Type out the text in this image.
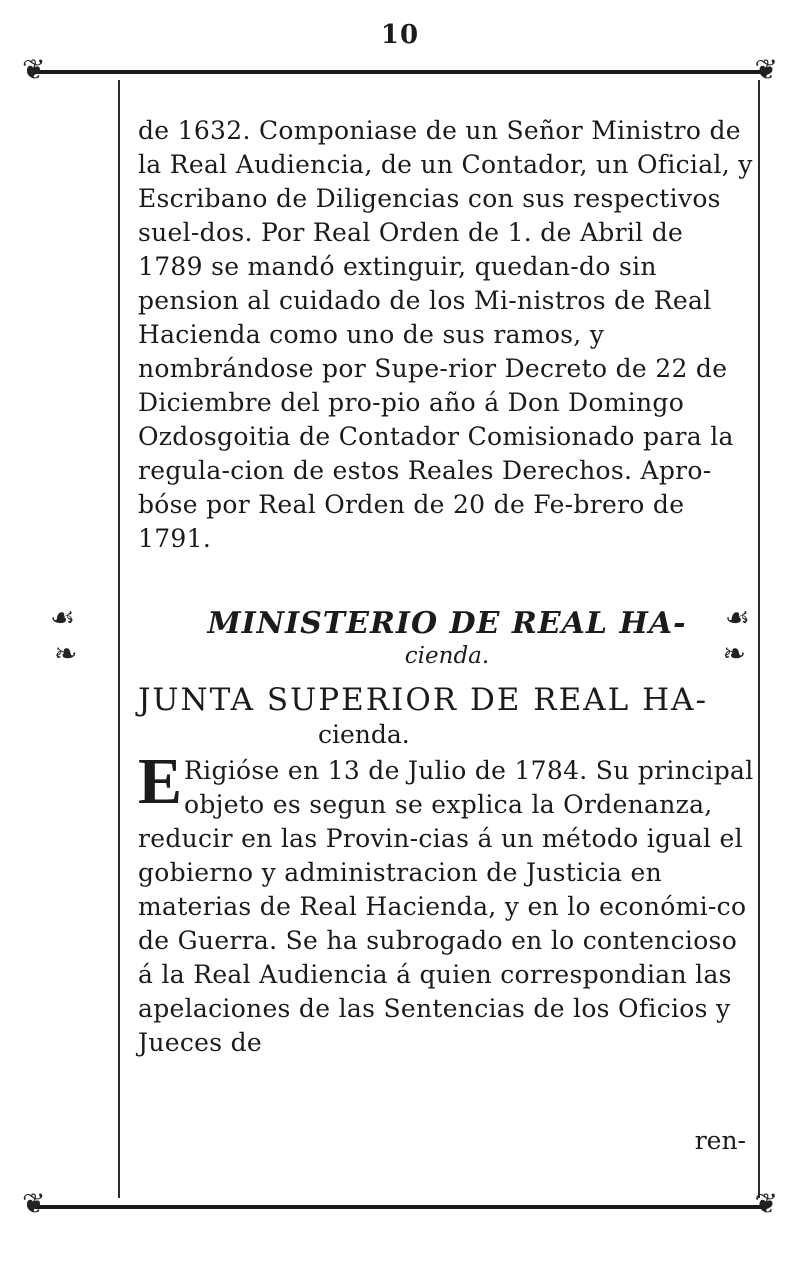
10
❦	❦
❦	❦
☙
❧
☙
❧

de 1632. Componiase de un Señor Ministro de la Real Audiencia, de un Contador, un Oficial, y Escribano de Diligencias con sus respectivos suel-dos. Por Real Orden de 1. de Abril de 1789 se mandó extinguir, quedan-do sin pension al cuidado de los Mi-nistros de Real Hacienda como uno de sus ramos, y nombrándose por Supe-rior Decreto de 22 de Diciembre del pro-pio año á Don Domingo Ozdosgoitia de Contador Comisionado para la regula-cion de estos Reales Derechos. Apro-bóse por Real Orden de 20 de Fe-brero de 1791.

MINISTERIO DE REAL HA-

cienda.

JUNTA SUPERIOR DE REAL HA-

cienda.

E Rigióse en 13 de Julio de 1784. Su principal objeto es segun se explica la Ordenanza, reducir en las Provin-cias á un método igual el gobierno y administracion de Justicia en materias de Real Hacienda, y en lo económi-co de Guerra. Se ha subrogado en lo contencioso á la Real Audiencia á quien correspondian las apelaciones de las Sentencias de los Oficios y Jueces de

ren-
